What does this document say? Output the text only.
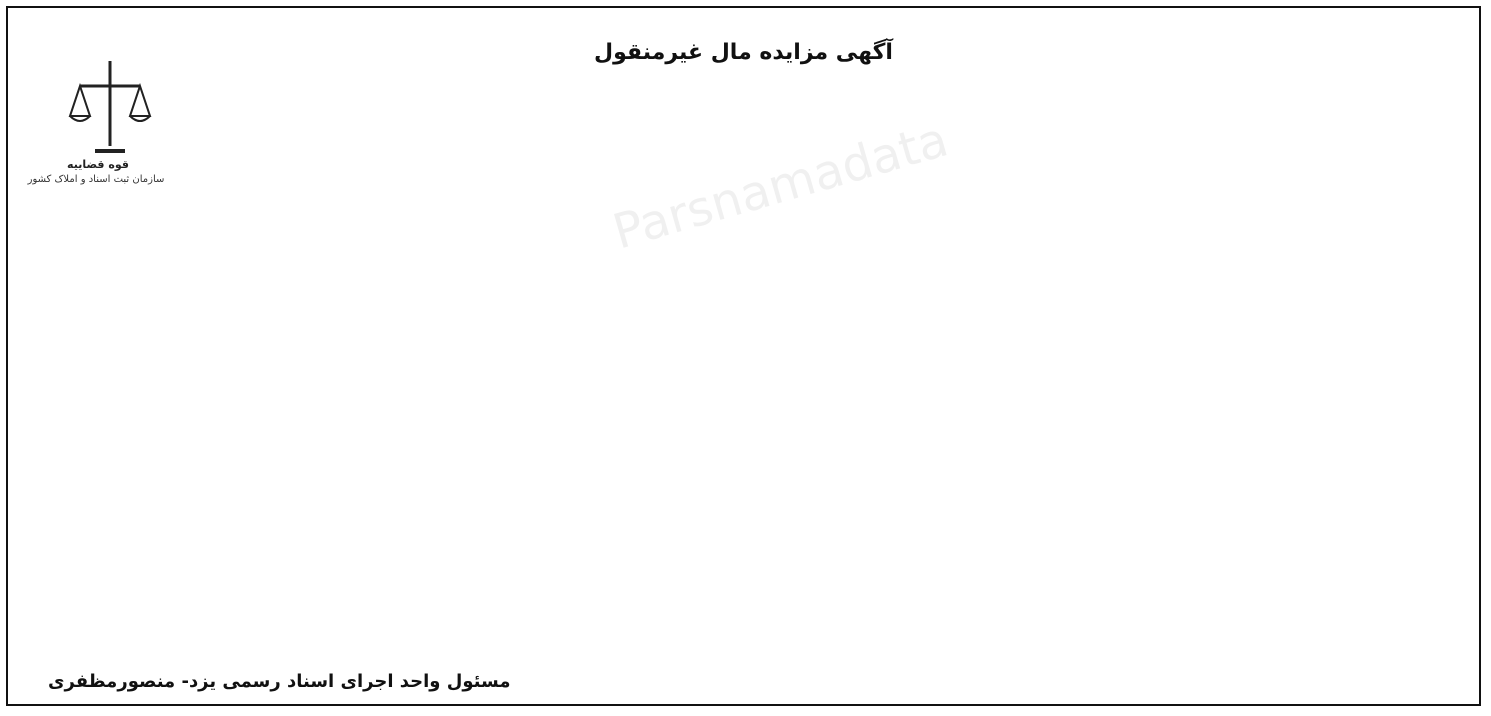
آگهی مزایده مال غیرمنقول
قوه قضاییه
سازمان ثبت اسناد و املاک کشور
مسئول واحد اجرای اسناد رسمی یزد- منصورمظفری
Parsnamadata
